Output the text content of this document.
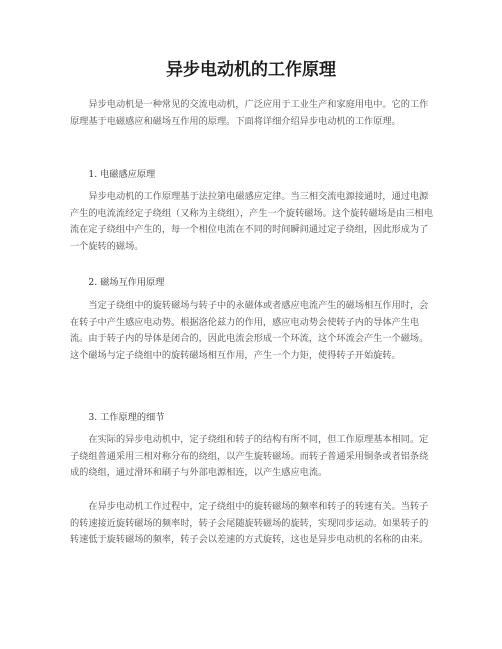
异步电动机的工作原理

异步电动机是一种常见的交流电动机，广泛应用于工业生产和家庭用电中。它的工作原理基于电磁感应和磁场互作用的原理。下面将详细介绍异步电动机的工作原理。

1. 电磁感应原理

异步电动机的工作原理基于法拉第电磁感应定律。当三相交流电源接通时，通过电源产生的电流流经定子绕组（又称为主绕组），产生一个旋转磁场。这个旋转磁场是由三相电流在定子绕组中产生的，每一个相位电流在不同的时间瞬间通过定子绕组，因此形成为了一个旋转的磁场。

2. 磁场互作用原理

当定子绕组中的旋转磁场与转子中的永磁体或者感应电流产生的磁场相互作用时，会在转子中产生感应电动势。根据洛伦兹力的作用，感应电动势会使转子内的导体产生电流。由于转子内的导体是闭合的，因此电流会形成一个环流，这个环流会产生一个磁场。这个磁场与定子绕组中的旋转磁场相互作用，产生一个力矩，使得转子开始旋转。

3. 工作原理的细节

在实际的异步电动机中，定子绕组和转子的结构有所不同，但工作原理基本相同。定子绕组普通采用三相对称分布的绕组，以产生旋转磁场。而转子普通采用铜条或者铝条绕成的绕组，通过滑环和刷子与外部电源相连，以产生感应电流。

在异步电动机工作过程中，定子绕组中的旋转磁场的频率和转子的转速有关。当转子的转速接近旋转磁场的频率时，转子会尾随旋转磁场的旋转，实现同步运动。如果转子的转速低于旋转磁场的频率，转子会以差速的方式旋转，这也是异步电动机的名称的由来。
